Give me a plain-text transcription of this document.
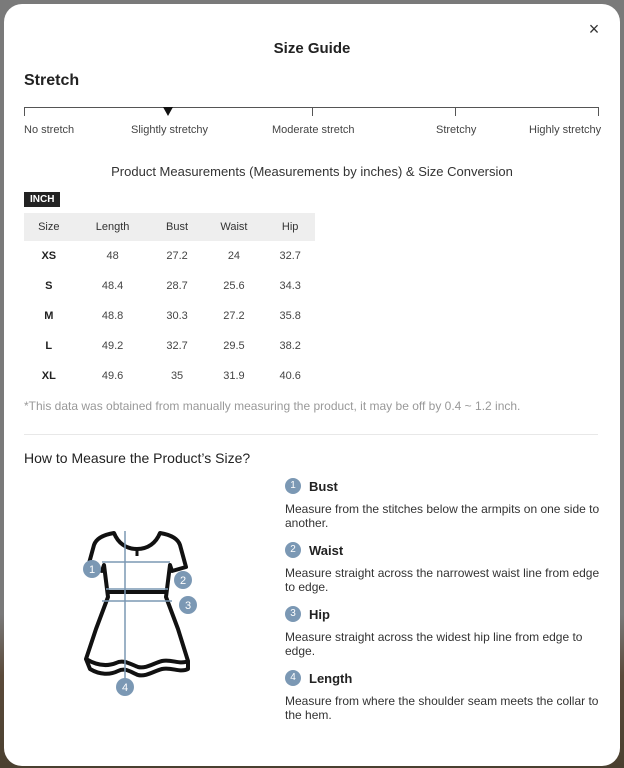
×
Size Guide
Stretch
No stretch	Slightly stretchy	Moderate stretch	Stretchy	Highly stretchy
Product Measurements (Measurements by inches) & Size Conversion
INCH
Size	Length	Bust	Waist	Hip
XS	48	27.2	24	32.7
S	48.4	28.7	25.6	34.3
M	48.8	30.3	27.2	35.8
L	49.2	32.7	29.5	38.2
XL	49.6	35	31.9	40.6
*This data was obtained from manually measuring the product, it may be off by 0.4 ~ 1.2 inch.
How to Measure the Product’s Size?
1
2
3
4
1	Bust
Measure from the stitches below the armpits on one side to another.
2	Waist
Measure straight across the narrowest waist line from edge to edge.
3	Hip
Measure straight across the widest hip line from edge to edge.
4	Length
Measure from where the shoulder seam meets the collar to the hem.
